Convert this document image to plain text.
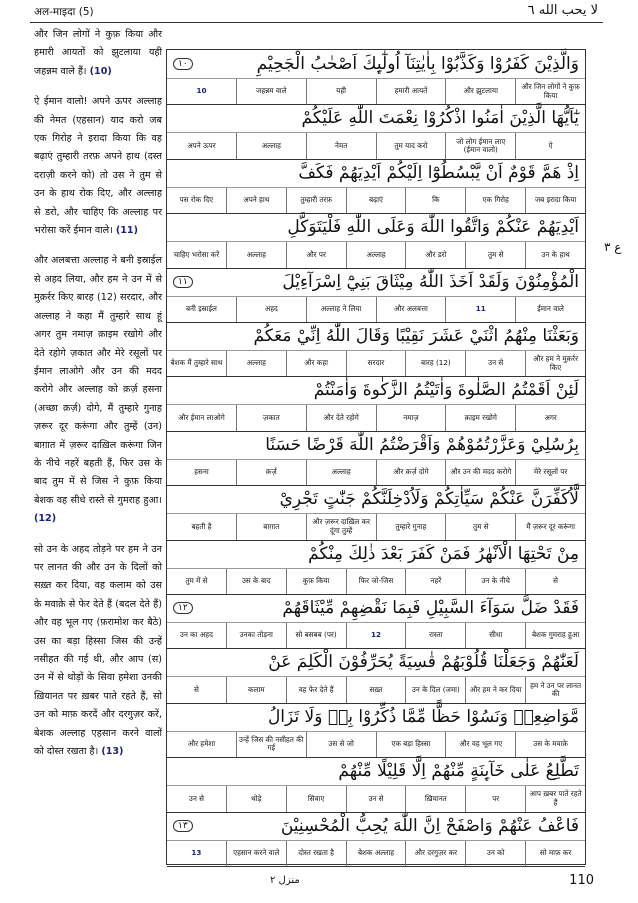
अल-माइदा (5)	لا يحب الله ٦

और जिन लोगों ने कुफ़ किया और हमारी आयतों को झुटलाया यही जहन्नम वाले हैं। (10)

ऐ ईमान वालो! अपने ऊपर अल्लाह की नेमत (एहसान) याद करो जब एक गिरोह ने इरादा किया कि वह बढ़ाएं तुम्हारी तरफ़ अपने हाथ (दस्त दराज़ी करने को) तो उस ने तुम से उन के हाथ रोक दिए, और अल्लाह से डरो, और चाहिए कि अल्लाह पर भरोसा करें ईमान वाले। (11)

और अलबत्ता अल्लाह ने बनी इस्राईल से अहद लिया, और हम ने उन में से मुक़र्रर किए बारह (12) सरदार, और अल्लाह ने कहा मैं तुम्हारे साथ हूं अगर तुम नमाज़ क़ाइम रखोगे और देते रहोगे ज़कात और मेरे रसूलों पर ईमान लाओगे और उन की मदद करोगे और अल्लाह को क़र्ज़ हसना (अच्छा क़र्ज़) दोगे, मैं तुम्हारे गुनाह ज़रूर दूर करूंगा और तुम्हें (उन) बाग़ात में ज़रूर दाख़िल करूंगा जिन के नीचे नहरें बहती हैं, फिर उस के बाद तुम में से जिस ने कुफ़ किया बेशक वह सीधे रास्ते से गुमराह हुआ। (12)

सो उन के अहद तोड़ने पर हम ने उन पर लानत की और उन के दिलों को सख़्त कर दिया, वह कलाम को उस के मवाक़े से फेर देते हैं (बदल देते हैं) और वह भूल गए (फ़रामोश कर बैठे) उस का बड़ा हिस्सा जिस की उन्हें नसीहत की गई थी, और आप (स) उन में से थोड़ों के सिवा हमेशा उनकी ख़ियानत पर ख़बर पाते रहते हैं, सो उन को माफ़ करदें और दरगुज़र करें, बेशक अल्लाह एहसान करने वालों को दोस्त रखता है। (13)

وَالَّذِيْنَ كَفَرُوْا وَكَذَّبُوْا بِاٰيٰتِنَآ اُولٰٓىِٕكَ اَصْحٰبُ الْجَحِيْمِ
١٠
और जिन लोगों ने कुफ़ किया
और झुटलाया
हमारी आयतें
यही
जहन्नम वाले
10
يٰٓاَيُّهَا الَّذِيْنَ اٰمَنُوا اذْكُرُوْا نِعْمَتَ اللّٰهِ عَلَيْكُمْ
ऐ
जो लोग ईमान लाए (ईमान वालो)
तुम याद करो
नेमत
अल्लाह
अपने ऊपर
اِذْ هَمَّ قَوْمٌ اَنْ يَّبْسُطُوْٓا اِلَيْكُمْ اَيْدِيَهُمْ فَكَفَّ
जब इरादा किया
एक गिरोह
कि
बढ़ाएं
तुम्हारी तरफ़
अपने हाथ
पस रोक दिए
اَيْدِيَهُمْ عَنْكُمْ وَاتَّقُوا اللّٰهَ وَعَلَى اللّٰهِ فَلْيَتَوَكَّلِ
उन के हाथ
तुम से
और डरो
अल्लाह
और पर
अल्लाह
चाहिए भरोसा करें
الْمُؤْمِنُوْنَ وَلَقَدْ اَخَذَ اللّٰهُ مِيْثَاقَ بَنِيْٓ اِسْرَآءِيْلَ
١١
ईमान वाले
11
और अलबत्ता
अल्लाह ने लिया
अहद
बनी इस्राईल
وَبَعَثْنَا مِنْهُمُ اثْنَيْ عَشَرَ نَقِيْبًا وَقَالَ اللّٰهُ اِنِّيْ مَعَكُمْ
और हम ने मुक़र्रर किए
उन से
बारह (12)
सरदार
और कहा
अल्लाह
बेशक मैं तुम्हारे साथ
لَئِنْ اَقَمْتُمُ الصَّلٰوةَ وَاٰتَيْتُمُ الزَّكٰوةَ وَاٰمَنْتُمْ
अगर
क़ाइम रखोगे
नमाज़
और देते रहोगे
ज़कात
और ईमान लाओगे
بِرُسُلِيْ وَعَزَّرْتُمُوْهُمْ وَاَقْرَضْتُمُ اللّٰهَ قَرْضًا حَسَنًا
मेरे रसूलों पर
और उन की मदद करोगे
और क़र्ज़ दोगे
अल्लाह
क़र्ज़
हसना
لَّاُكَفِّرَنَّ عَنْكُمْ سَيِّاٰتِكُمْ وَلَاُدْخِلَنَّكُمْ جَنّٰتٍ تَجْرِيْ
मैं ज़रूर दूर करूंगा
तुम से
तुम्हारे गुनाह
और ज़रूर दाख़िल कर दूंगा तुम्हें
बाग़ात
बहती है
مِنْ تَحْتِهَا الْاَنْهٰرُ فَمَنْ كَفَرَ بَعْدَ ذٰلِكَ مِنْكُمْ
से
उन के नीचे
नहरें
फिर जो-जिस
कुफ़ किया
उस के बाद
तुम में से
فَقَدْ ضَلَّ سَوَآءَ السَّبِيْلِ فَبِمَا نَقْضِهِمْ مِّيْثَاقَهُمْ
١٢
बेशक गुमराह हुआ
सीधा
रास्ता
12
सो बसबब (पर)
उनका तोड़ना
उन का अहद
لَعَنّٰهُمْ وَجَعَلْنَا قُلُوْبَهُمْ قٰسِيَةً يُحَرِّفُوْنَ الْكَلِمَ عَنْ
हम ने उन पर लानत की
और हम ने कर दिया
उन के दिल (जमा)
सख़्त
वह फेर देते हैं
कलाम
से
مَّوَاضِعِهٖ وَنَسُوْا حَظًّا مِّمَّا ذُكِّرُوْا بِهٖ وَلَا تَزَالُ
उस के मवाक़े
और वह भूल गए
एक बड़ा हिस्सा
उस से जो
उन्हें जिस की नसीहत की गई
और हमेशा
تَطَّلِعُ عَلٰى خَآىِٕنَةٍ مِّنْهُمْ اِلَّا قَلِيْلًا مِّنْهُمْ
आप ख़बर पाते रहते हैं
पर
ख़ियानत
उन से
सिवाए
थोड़े
उन से
فَاعْفُ عَنْهُمْ وَاصْفَحْ اِنَّ اللّٰهَ يُحِبُّ الْمُحْسِنِيْنَ
١٣
सो माफ़ कर
उन को
और दरगुज़र कर
बेशक अल्लाह
दोस्त रखता है
एहसान करने वाले
13
ع ٣
منزل ٢	110
